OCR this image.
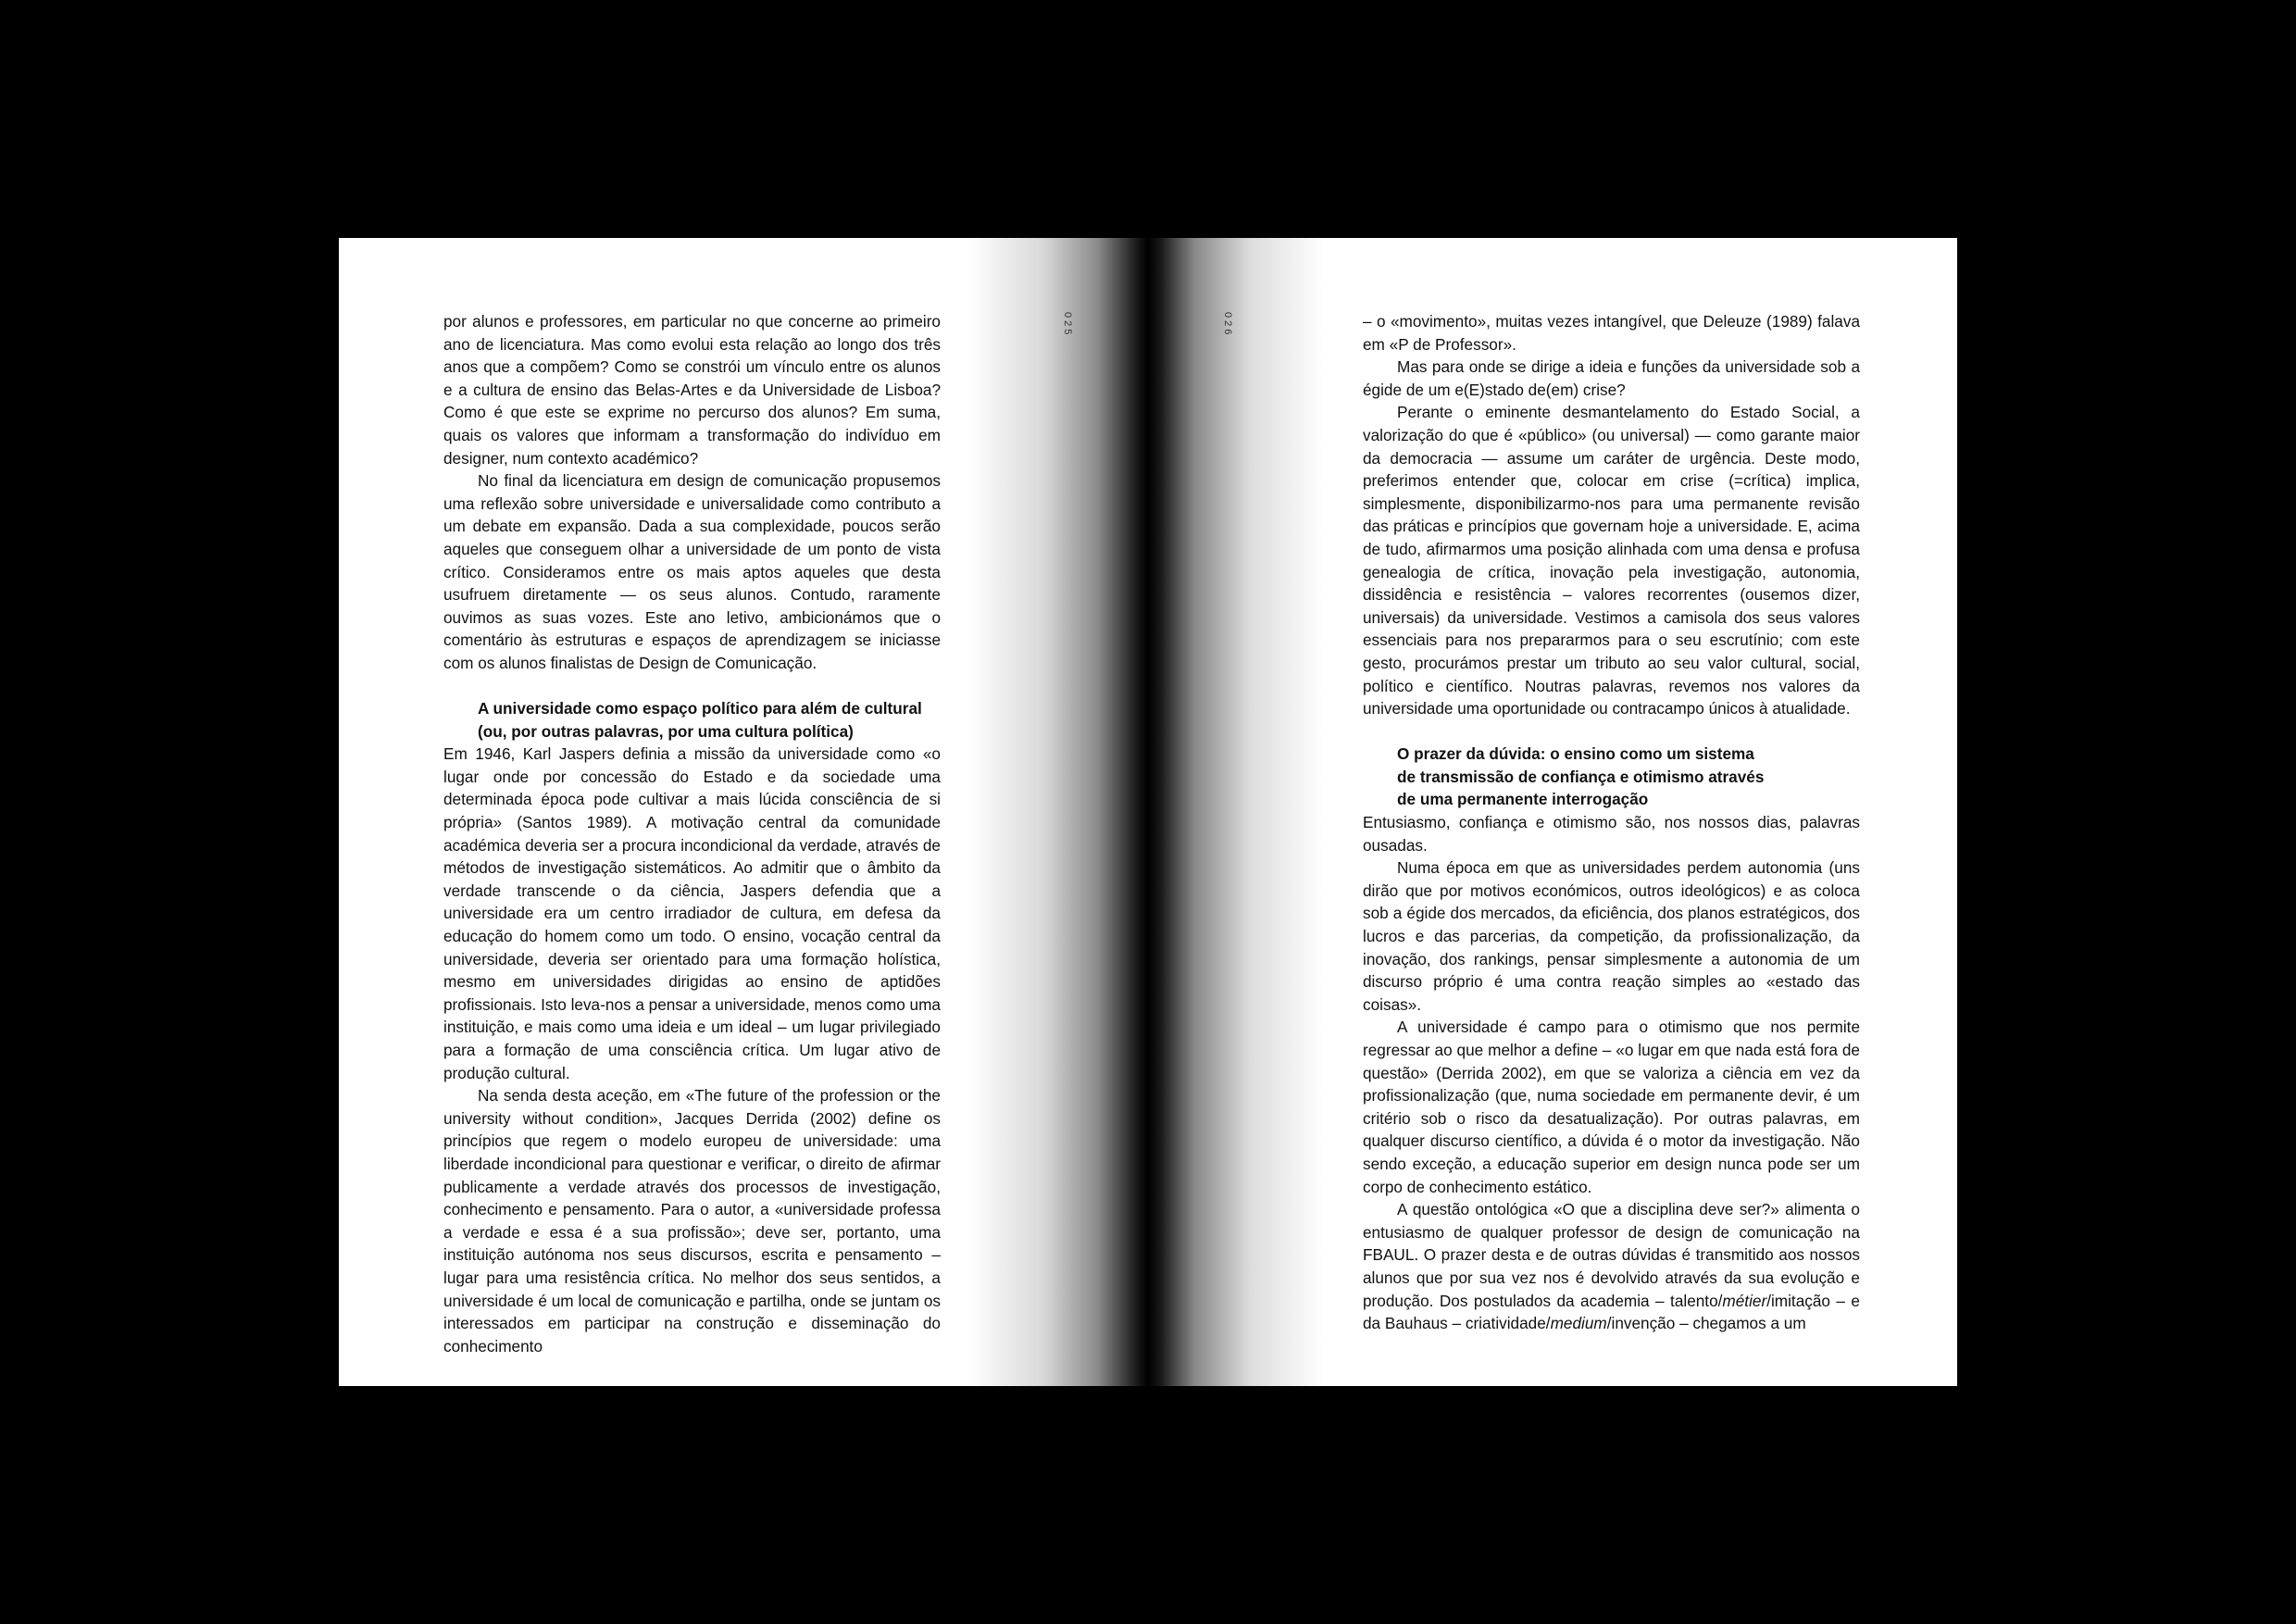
025

por alunos e professores, em particular no que concerne ao primeiro ano de licenciatura. Mas como evolui esta relação ao longo dos três anos que a compõem? Como se constrói um vínculo entre os alunos e a cultura de ensino das Belas-Artes e da Universidade de Lisboa? Como é que este se exprime no percurso dos alunos? Em suma, quais os valores que informam a transformação do indivíduo em designer, num contexto académico?

No final da licenciatura em design de comunicação propusemos uma reflexão sobre universidade e universalidade como contributo a um debate em expansão. Dada a sua complexidade, poucos serão aqueles que conseguem olhar a universidade de um ponto de vista crítico. Consideramos entre os mais aptos aqueles que desta usufruem diretamente — os seus alunos. Contudo, raramente ouvimos as suas vozes. Este ano letivo, ambicionámos que o comentário às estruturas e espaços de aprendizagem se iniciasse com os alunos finalistas de Design de Comunicação.

A universidade como espaço político para além de cultural
(ou, por outras palavras, por uma cultura política)

Em 1946, Karl Jaspers definia a missão da universidade como «o lugar onde por concessão do Estado e da sociedade uma determinada época pode cultivar a mais lúcida consciência de si própria» (Santos 1989). A motivação central da comunidade académica deveria ser a procura incondicional da verdade, através de métodos de investigação sistemáticos. Ao admitir que o âmbito da verdade transcende o da ciência, Jaspers defendia que a universidade era um centro irradiador de cultura, em defesa da educação do homem como um todo. O ensino, vocação central da universidade, deveria ser orientado para uma formação holística, mesmo em universidades dirigidas ao ensino de aptidões profissionais. Isto leva-nos a pensar a universidade, menos como uma instituição, e mais como uma ideia e um ideal – um lugar privilegiado para a formação de uma consciência crítica. Um lugar ativo de produção cultural.

Na senda desta aceção, em «The future of the profession or the university without condition», Jacques Derrida (2002) define os princípios que regem o modelo europeu de universidade: uma liberdade incondicional para questionar e verificar, o direito de afirmar publicamente a verdade através dos processos de investigação, conhecimento e pensamento. Para o autor, a «universidade professa a verdade e essa é a sua profissão»; deve ser, portanto, uma instituição autónoma nos seus discursos, escrita e pensamento – lugar para uma resistência crítica. No melhor dos seus sentidos, a universidade é um local de comunicação e partilha, onde se juntam os interessados em participar na construção e disseminação do conhecimento

026	– o «movimento», muitas vezes intangível, que Deleuze (1989) falava em «P de Professor».

Mas para onde se dirige a ideia e funções da universidade sob a égide de um e(E)stado de(em) crise?

Perante o eminente desmantelamento do Estado Social, a valorização do que é «público» (ou universal) — como garante maior da democracia — assume um caráter de urgência. Deste modo, preferimos entender que, colocar em crise (=crítica) implica, simplesmente, disponibilizarmo-nos para uma permanente revisão das práticas e princípios que governam hoje a universidade. E, acima de tudo, afirmarmos uma posição alinhada com uma densa e profusa genealogia de crítica, inovação pela investigação, autonomia, dissidência e resistência – valores recorrentes (ousemos dizer, universais) da universidade. Vestimos a camisola dos seus valores essenciais para nos prepararmos para o seu escrutínio; com este gesto, procurámos prestar um tributo ao seu valor cultural, social, político e científico. Noutras palavras, revemos nos valores da universidade uma oportunidade ou contracampo únicos à atualidade.

O prazer da dúvida: o ensino como um sistema
de transmissão de confiança e otimismo através
de uma permanente interrogação

Entusiasmo, confiança e otimismo são, nos nossos dias, palavras ousadas.

Numa época em que as universidades perdem autonomia (uns dirão que por motivos económicos, outros ideológicos) e as coloca sob a égide dos mercados, da eficiência, dos planos estratégicos, dos lucros e das parcerias, da competição, da profissionalização, da inovação, dos rankings, pensar simplesmente a autonomia de um discurso próprio é uma contra reação simples ao «estado das coisas».

A universidade é campo para o otimismo que nos permite regressar ao que melhor a define – «o lugar em que nada está fora de questão» (Derrida 2002), em que se valoriza a ciência em vez da profissionalização (que, numa sociedade em permanente devir, é um critério sob o risco da desatualização). Por outras palavras, em qualquer discurso científico, a dúvida é o motor da investigação. Não sendo exceção, a educação superior em design nunca pode ser um corpo de conhecimento estático.

A questão ontológica «O que a disciplina deve ser?» alimenta o entusiasmo de qualquer professor de design de comunicação na FBAUL. O prazer desta e de outras dúvidas é transmitido aos nossos alunos que por sua vez nos é devolvido através da sua evolução e produção. Dos postulados da academia – talento/métier/imitação – e da Bauhaus – criatividade/medium/invenção – chegamos a um
